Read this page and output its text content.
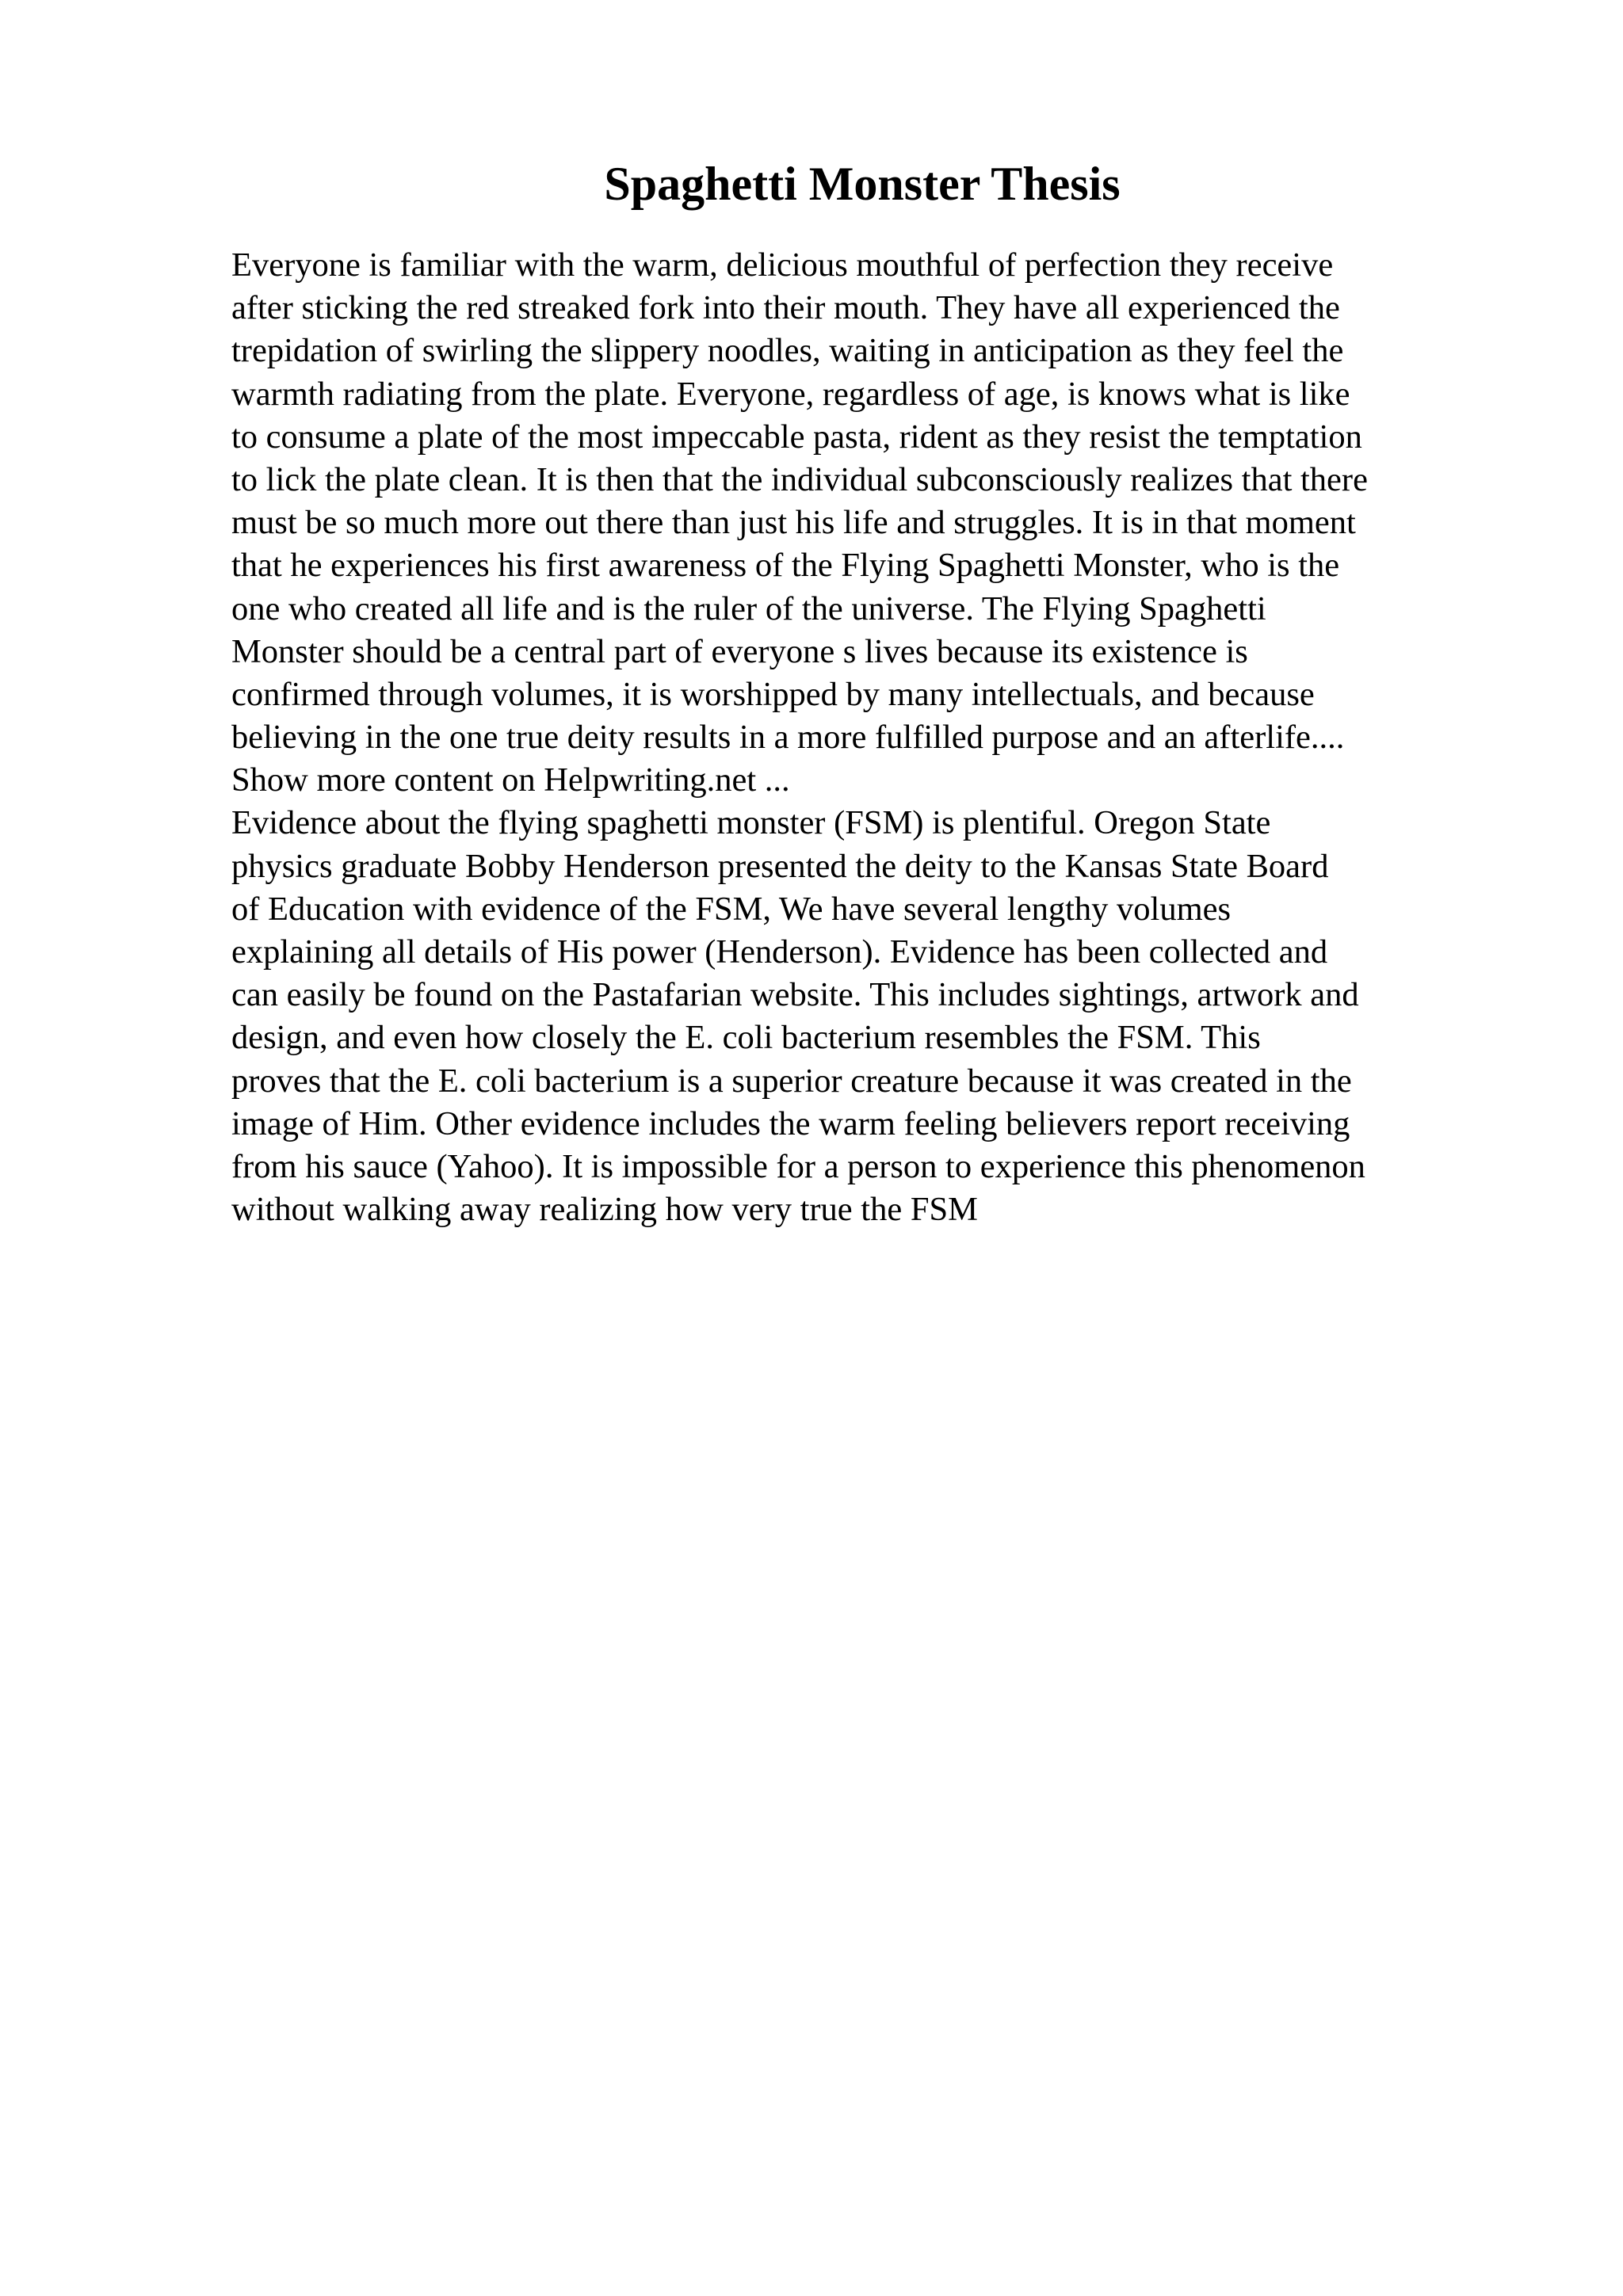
Spaghetti Monster Thesis
Everyone is familiar with the warm, delicious mouthful of perfection they receive
after sticking the red streaked fork into their mouth. They have all experienced the
trepidation of swirling the slippery noodles, waiting in anticipation as they feel the
warmth radiating from the plate. Everyone, regardless of age, is knows what is like
to consume a plate of the most impeccable pasta, rident as they resist the temptation
to lick the plate clean. It is then that the individual subconsciously realizes that there
must be so much more out there than just his life and struggles. It is in that moment
that he experiences his first awareness of the Flying Spaghetti Monster, who is the
one who created all life and is the ruler of the universe. The Flying Spaghetti
Monster should be a central part of everyone s lives because its existence is
confirmed through volumes, it is worshipped by many intellectuals, and because
believing in the one true deity results in a more fulfilled purpose and an afterlife....
Show more content on Helpwriting.net ...
Evidence about the flying spaghetti monster (FSM) is plentiful. Oregon State
physics graduate Bobby Henderson presented the deity to the Kansas State Board
of Education with evidence of the FSM, We have several lengthy volumes
explaining all details of His power (Henderson). Evidence has been collected and
can easily be found on the Pastafarian website. This includes sightings, artwork and
design, and even how closely the E. coli bacterium resembles the FSM. This
proves that the E. coli bacterium is a superior creature because it was created in the
image of Him. Other evidence includes the warm feeling believers report receiving
from his sauce (Yahoo). It is impossible for a person to experience this phenomenon
without walking away realizing how very true the FSM
